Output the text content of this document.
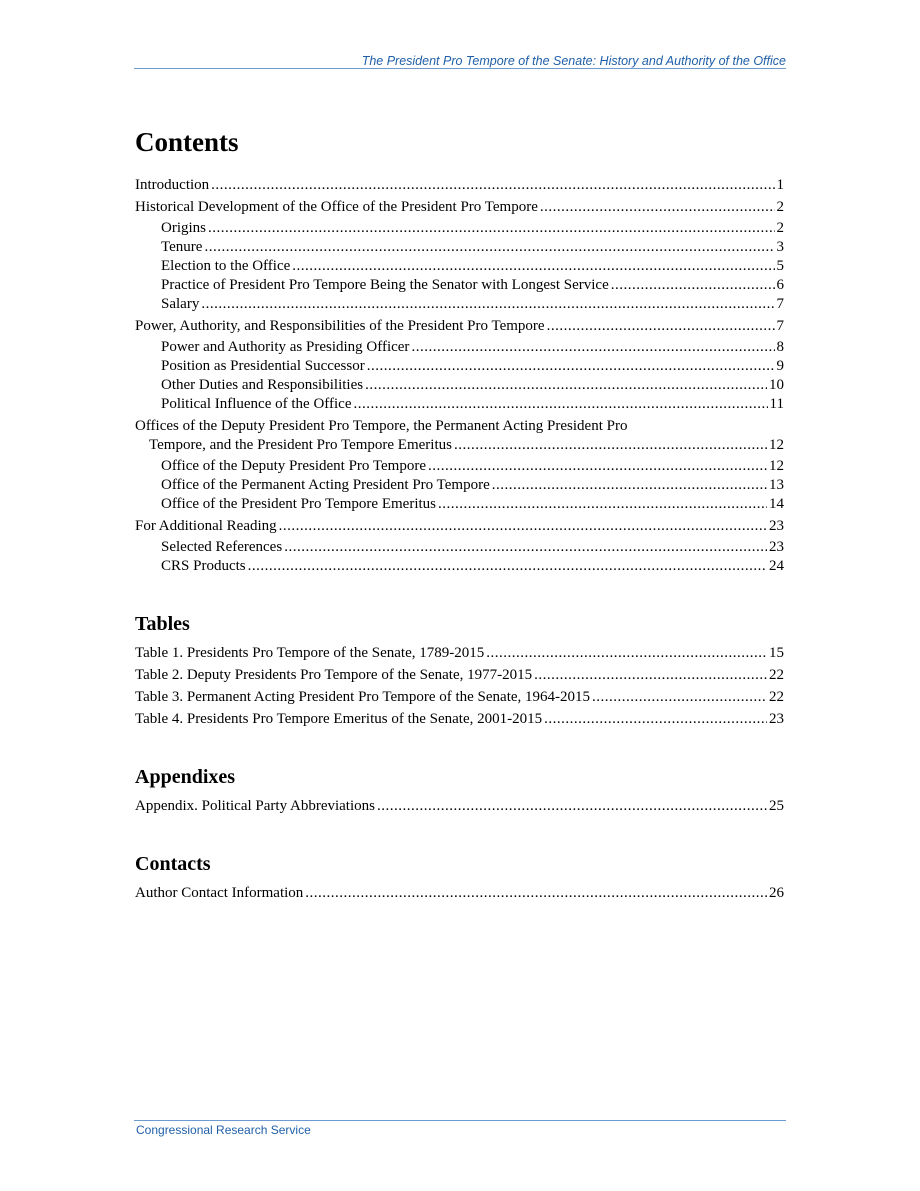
The President Pro Tempore of the Senate: History and Authority of the Office
Contents
Introduction .....	1
Historical Development of the Office of the President Pro Tempore .....	2
Origins .....	2
Tenure .....	3
Election to the Office .....	5
Practice of President Pro Tempore Being the Senator with Longest Service .....	6
Salary .....	7
Power, Authority, and Responsibilities of the President Pro Tempore .....	7
Power and Authority as Presiding Officer .....	8
Position as Presidential Successor .....	9
Other Duties and Responsibilities .....	10
Political Influence of the Office .....	11
Offices of the Deputy President Pro Tempore, the Permanent Acting President Pro
Tempore, and the President Pro Tempore Emeritus .....	12
Office of the Deputy President Pro Tempore .....	12
Office of the Permanent Acting President Pro Tempore .....	13
Office of the President Pro Tempore Emeritus .....	14
For Additional Reading .....	23
Selected References .....	23
CRS Products .....	24
Tables
Table 1. Presidents Pro Tempore of the Senate, 1789-2015 .....	15
Table 2. Deputy Presidents Pro Tempore of the Senate, 1977-2015 .....	22
Table 3. Permanent Acting President Pro Tempore of the Senate, 1964-2015 .....	22
Table 4. Presidents Pro Tempore Emeritus of the Senate, 2001-2015 .....	23
Appendixes
Appendix. Political Party Abbreviations .....	25
Contacts
Author Contact Information .....	26
Congressional Research Service
